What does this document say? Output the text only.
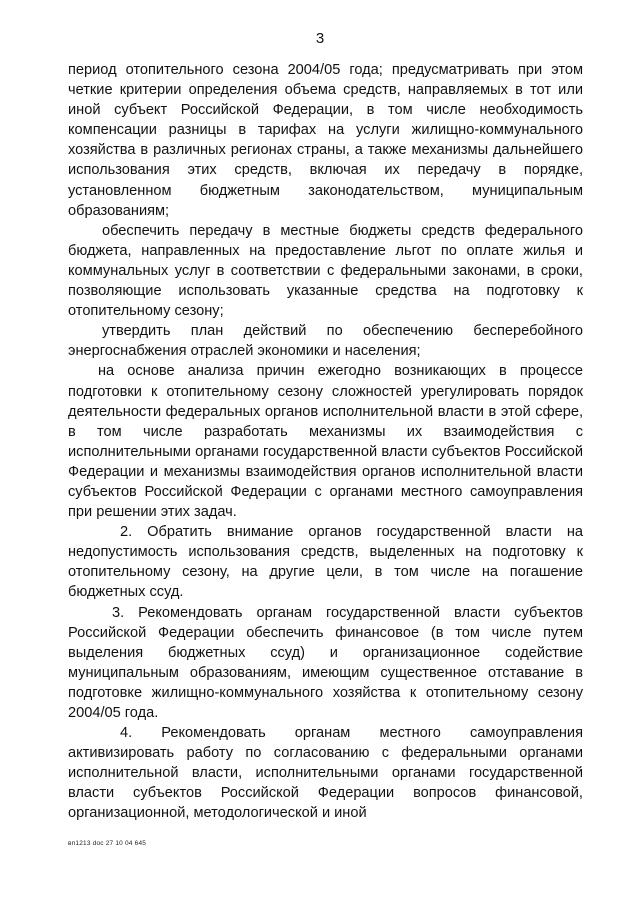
3

период отопительного сезона 2004/05 года; предусматривать при этом четкие критерии определения объема средств, направляемых в тот или иной субъект Российской Федерации, в том числе необходимость компенсации разницы в тарифах на услуги жилищно-коммунального хозяйства в различных регионах страны, а также механизмы дальнейшего использования этих средств, включая их передачу в порядке, установленном бюджетным законодательством, муниципальным образованиям;

обеспечить передачу в местные бюджеты средств федерального бюджета, направленных на предоставление льгот по оплате жилья и коммунальных услуг в соответствии с федеральными законами, в сроки, позволяющие использовать указанные средства на подготовку к отопительному сезону;

утвердить план действий по обеспечению бесперебойного энергоснабжения отраслей экономики и населения;

на основе анализа причин ежегодно возникающих в процессе подготовки к отопительному сезону сложностей урегулировать порядок деятельности федеральных органов исполнительной власти в этой сфере, в том числе разработать механизмы их взаимодействия с исполнительными органами государственной власти субъектов Российской Федерации и механизмы взаимодействия органов исполнительной власти субъектов Российской Федерации с органами местного самоуправления при решении этих задач.

2. Обратить внимание органов государственной власти на недопустимость использования средств, выделенных на подготовку к отопительному сезону, на другие цели, в том числе на погашение бюджетных ссуд.

3. Рекомендовать органам государственной власти субъектов Российской Федерации обеспечить финансовое (в том числе путем выделения бюджетных ссуд) и организационное содействие муниципальным образованиям, имеющим существенное отставание в подготовке жилищно-коммунального хозяйства к отопительному сезону 2004/05 года.

4. Рекомендовать органам местного самоуправления активизировать работу по согласованию с федеральными органами исполнительной власти, исполнительными органами государственной власти субъектов Российской Федерации вопросов финансовой, организационной, методологической и иной

вп1213 doc 27 10 04 645
